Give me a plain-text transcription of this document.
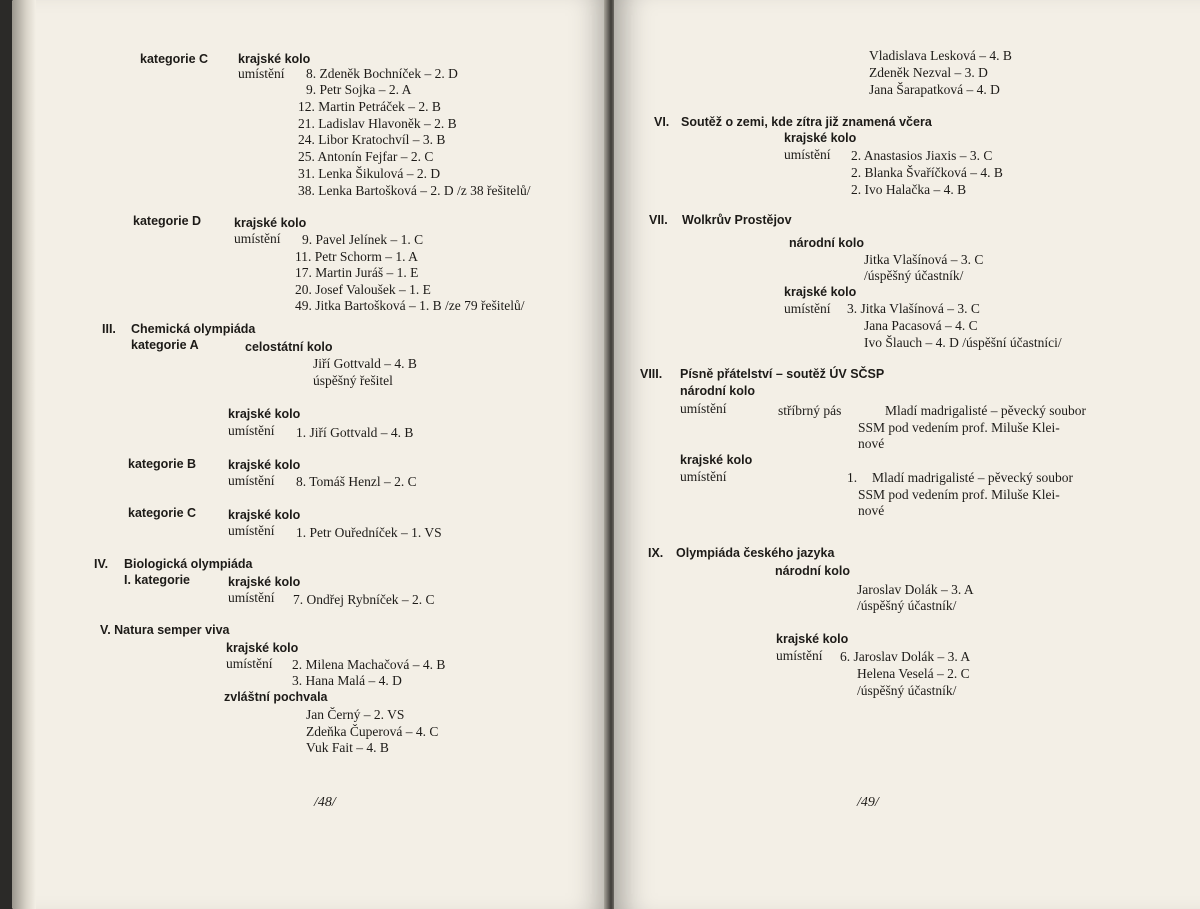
kategorie C krajské kolo
umístění 8. Zdeněk Bochníček – 2. D
9. Petr Sojka – 2. A
12. Martin Petráček – 2. B
21. Ladislav Hlavoněk – 2. B
24. Libor Kratochvíl – 3. B
25. Antonín Fejfar – 2. C
31. Lenka Šikulová – 2. D
38. Lenka Bartošková – 2. D /z 38 řešitelů/
kategorie D	krajské kolo
umístění 9. Pavel Jelínek – 1. C
11. Petr Schorm – 1. A
17. Martin Juráš – 1. E
20. Josef Valoušek – 1. E
49. Jitka Bartošková – 1. B /ze 79 řešitelů/
III. Chemická olympiáda
kategorie A	celostátní kolo
Jiří Gottvald – 4. B
úspěšný řešitel
krajské kolo
umístění 1. Jiří Gottvald – 4. B
kategorie B	krajské kolo
umístění 8. Tomáš Henzl – 2. C
kategorie C	krajské kolo
umístění 1. Petr Ouředníček – 1. VS
IV. Biologická olympiáda
I. kategorie	krajské kolo
umístění 7. Ondřej Rybníček – 2. C
V. Natura semper viva
krajské kolo
umístění 2. Milena Machačová – 4. B
3. Hana Malá – 4. D
zvláštní pochvala
Jan Černý – 2. VS
Zdeňka Čuperová – 4. C
Vuk Fait – 4. B
/48/
Vladislava Lesková – 4. B
Zdeněk Nezval – 3. D
Jana Šarapatková – 4. D
VI. Soutěž o zemi, kde zítra již znamená včera
krajské kolo
umístění 2. Anastasios Jiaxis – 3. C
2. Blanka Švaříčková – 4. B
2. Ivo Halačka – 4. B
VII. Wolkrův Prostějov
národní kolo
Jitka Vlašínová – 3. C
/úspěšný účastník/
krajské kolo
umístění 3. Jitka Vlašínová – 3. C
Jana Pacasová – 4. C
Ivo Šlauch – 4. D /úspěšní účastníci/
VIII. Písně přátelství – soutěž ÚV SČSP
národní kolo
umístění	stříbrný pás	Mladí madrigalisté – pěvecký soubor
SSM pod vedením prof. Miluše Klei-
nové
krajské kolo
umístění	1. Mladí madrigalisté – pěvecký soubor
SSM pod vedením prof. Miluše Klei-
nové
IX. Olympiáda českého jazyka
národní kolo
Jaroslav Dolák – 3. A
/úspěšný účastník/
krajské kolo
umístění 6. Jaroslav Dolák – 3. A
Helena Veselá – 2. C
/úspěšný účastník/
/49/
